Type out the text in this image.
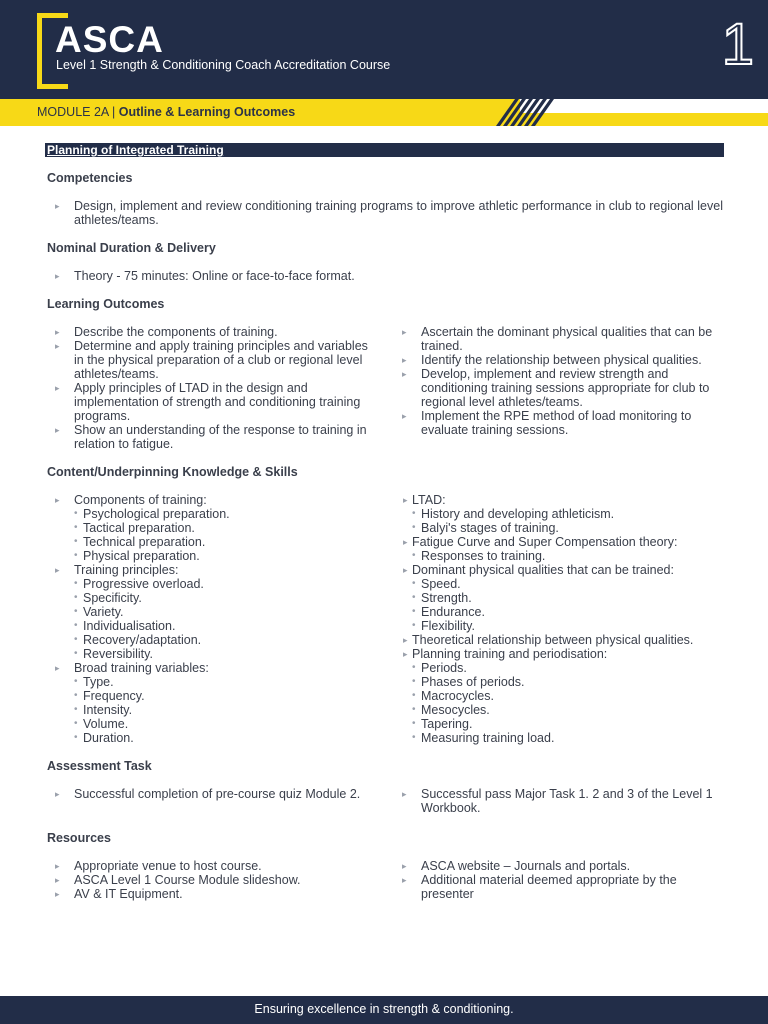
ASCA
Level 1 Strength & Conditioning Coach Accreditation Course	1
MODULE 2A | Outline & Learning Outcomes
Planning of Integrated Training
Competencies
▸ Design, implement and review conditioning training programs to improve athletic performance in club to regional level athletes/teams.
Nominal Duration & Delivery
▸ Theory - 75 minutes: Online or face-to-face format.
Learning Outcomes
▸ Describe the components of training.
▸ Determine and apply training principles and variables in the physical preparation of a club or regional level athletes/teams.
▸ Apply principles of LTAD in the design and implementation of strength and conditioning training programs.
▸ Show an understanding of the response to training in relation to fatigue.
▸ Ascertain the dominant physical qualities that can be trained.
▸ Identify the relationship between physical qualities.
▸ Develop, implement and review strength and conditioning training sessions appropriate for club to regional level athletes/teams.
▸ Implement the RPE method of load monitoring to evaluate training sessions.
Content/Underpinning Knowledge & Skills
▸ Components of training:
• Psychological preparation.
• Tactical preparation.
• Technical preparation.
• Physical preparation.
▸ Training principles:
• Progressive overload.
• Specificity.
• Variety.
• Individualisation.
• Recovery/adaptation.
• Reversibility.
▸ Broad training variables:
• Type.
• Frequency.
• Intensity.
• Volume.
• Duration.
▸ LTAD:
• History and developing athleticism.
• Balyi's stages of training.
▸ Fatigue Curve and Super Compensation theory:
• Responses to training.
▸ Dominant physical qualities that can be trained:
• Speed.
• Strength.
• Endurance.
• Flexibility.
▸ Theoretical relationship between physical qualities.
▸ Planning training and periodisation:
• Periods.
• Phases of periods.
• Macrocycles.
• Mesocycles.
• Tapering.
• Measuring training load.
Assessment Task
▸ Successful completion of pre-course quiz Module 2.
▸	Successful pass Major Task 1. 2 and 3 of the Level 1 Workbook.
Resources
▸ Appropriate venue to host course.
▸ ASCA Level 1 Course Module slideshow.
▸ AV & IT Equipment.
▸ ASCA website – Journals and portals.
▸ Additional material deemed appropriate by the presenter
Ensuring excellence in strength & conditioning.
